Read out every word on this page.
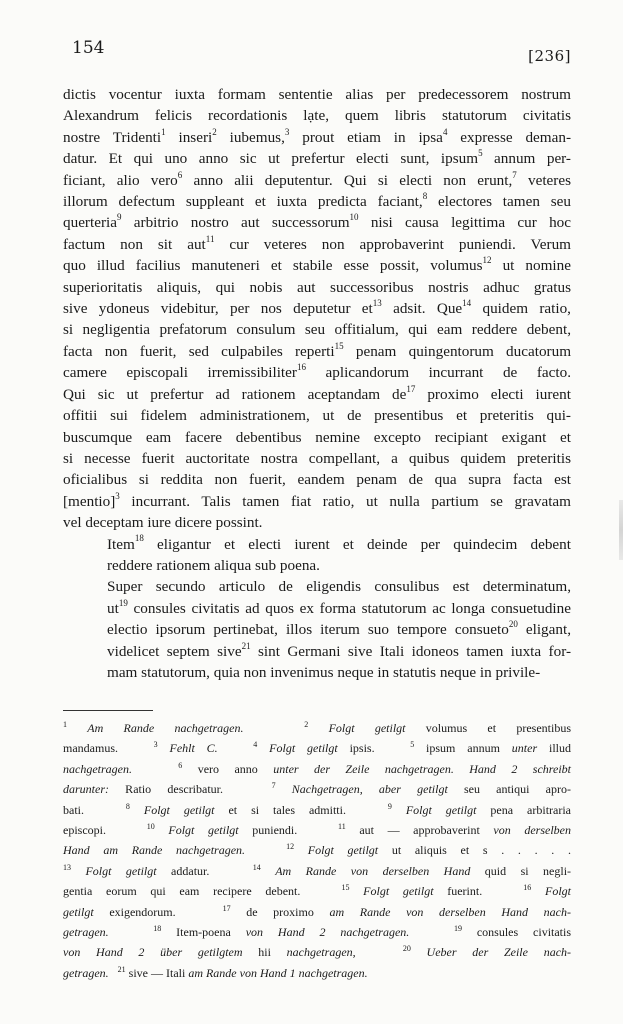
154	[236]

dictis vocentur iuxta formam sententie alias per predecessorem nostrum
Alexandrum felicis recordationis lạte, quem libris statutorum civitatis
nostre Tridenti$^1$ inseri$^2$ iubemus,$^3$ prout etiam in ipsa$^4$ expresse deman-
datur. Et qui uno anno sic ut prefertur electi sunt, ipsum$^5$ annum per-
ficiant, alio vero$^6$ anno alii deputentur. Qui si electi non erunt,$^7$ veteres
illorum defectum suppleant et iuxta predicta faciant,$^8$ electores tamen seu
querteria$^9$ arbitrio nostro aut successorum$^{10}$ nisi causa legittima cur hoc
factum non sit aut$^{11}$ cur veteres non approbaverint puniendi. Verum
quo illud facilius manuteneri et stabile esse possit, volumus$^{12}$ ut nomine
superioritatis aliquis, qui nobis aut successoribus nostris adhuc gratus
sive ydoneus videbitur, per nos deputetur $et^{13}$ adsit. Que$^{14}$ quidem ratio,
si negligentia prefatorum consulum seu offitialum, qui eam reddere debent,
facta non fuerit, sed culpabiles reperti$^{15}$ penam quingentorum ducatorum
camere episcopali irremissibiliter$^{16}$ aplicandorum incurrant de facto.
Qui sic ut prefertur ad rationem aceptandam $de^{17}$ proximo electi iurent
offitii sui fidelem administrationem, ut de presentibus et preteritis qui-
buscumque eam facere debentibus nemine excepto recipiant exigant et
si necesse fuerit auctoritate nostra compellant, a quibus quidem preteritis
oficialibus si reddita non fuerit, eandem penam de qua supra facta est
[mentio]$^3$ incurrant. Talis tamen fiat ratio, ut nulla partium se gravatam
vel deceptam iure dicere possint.

Item$^{18}$ eligantur et electi iurent et deinde per quindecim debent
reddere rationem aliqua sub poena.

Super secundo articulo de eligendis consulibus est determinatum,
$ut^{19}$ consules civitatis ad quos ex forma statutorum ac longa consuetudine
electio ipsorum pertinebat, illos iterum suo tempore consueto$^{20}$ eligant,
videlicet septem sive$^{21}$ sint Germani sive Itali idoneos tamen iuxta for-
mam statutorum, quia non invenimus neque in statutis neque in privile-

$^1$ Am Rande nachgetragen.	$^2$ Folgt getilgt volumus et presentibus
mandamus.   $^3$ Fehlt C.	$^4$ Folgt getilgt ipsis.   $^5$ ipsum annum unter illud
nachgetragen.	$^6$ vero anno unter der Zeile nachgetragen. Hand 2 schreibt
darunter: Ratio describatur.   $^7$ Nachgetragen, aber getilgt seu antiqui apro-
bati.   $^8$ Folgt getilgt et si tales admitti.   $^9$ Folgt getilgt pena arbitraria
episcopi.   $^{10}$ Folgt getilgt puniendi.   $^{11}$ aut — approbaverint von derselben
Hand am Rande nachgetragen.	$^{12}$ Folgt getilgt ut aliquis et s . . . . .
$^{13}$ Folgt getilgt addatur.   $^{14}$ Am Rande von derselben Hand quid si negli-
gentia eorum qui eam recipere debent.   $^{15}$ Folgt getilgt fuerint.   $^{16}$ Folgt
getilgt exigendorum.   $^{17}$ de proximo am Rande von derselben Hand nach-
getragen.	$^{18}$ Item-poena von Hand 2 nachgetragen.	$^{19}$ consules civitatis
von Hand 2 über getilgtem hii nachgetragen,	$^{20}$ Ueber der Zeile nach-
getragen. $^{21}$ sive — Itali am Rande von Hand 1 nachgetragen.
